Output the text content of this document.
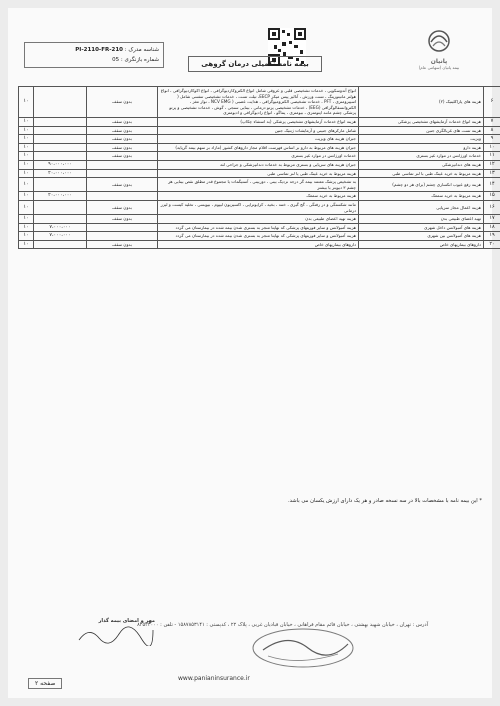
پانیان
بیمه پانیان (سهامی عام)
بیمه نامه تکمیلی درمان گروهی
شناسه مدرک : PI-2110-FR-210
شماره بازنگری : 05
۶	هزینه های پاراکلینیک (۲)	انواع آندوسکوپی ، خدمات تشخیصی قلبی و عروقی شامل انواع الکتروکاردیوگرافی ، انواع اکوکاردیوگرافی ، انواع هولتر مانیتورینگ ، تست ورزش ، آنالیز پیس میکر EECP، تیلت تست ، خدمات تشخیصی تنفسی شامل ( اسپیرومتری ، PFT ، خدمات تشخیصی الکترومیوگرافی ، هدایت عصبی ( NCV EMG ، نوار مغز ، الکتروانسفالوگرافی (EEG) ، خدمات تشخیصی پرتو درمانی ، بینایی سنجی ، گوش ، خدمات تشخیصی و پرتو پزشکی چشم مانند اپتومتری ، بیومتری ، پنتاگو ، انواع رادیوگرافی و ادیومتری	بدون سقف		۱۰
۷	هزینه انواع خدمات آزمایشهای تشخیصی پزشکی	هزینه انواع خدمات آزمایشهای تشخیصی پزشکی (به استثناء چکاپ)	بدون سقف		۱۰
۸	هزینه تست های غربالگری جنین	شامل مارکرهای جنینی و آزمایشات ژنتیک جنین	بدون سقف		۱۰
۹	ویزیت	جبران هزینه های ویزیت	بدون سقف		۱۰
۱۰	هزینه دارو	جبران هزینه های مربوط به دارو بر اساس فهرست اقلام مجاز داروهای کشور (مازاد بر سهم بیمه گرپایه)	بدون سقف		۱۰
۱۱	خدمات اورژانس در موارد غیر بستری	خدمات اورژانس در موارد غیر بستری	بدون سقف		۱۰
۱۲	هزینه های دندانپزشکی	جبران هزینه های سرپایی و بستری مربوط به خدمات دندانپزشکی و جراحی لثه		۹۰،۰۰۰،۰۰۰	۱۰
۱۳	هزینه مربوط به خرید عینک طبی با لنز تماسی طبی	هزینه مربوط به خرید عینک طبی یا لنز تماسی طبی		۲۰،۰۰۰،۰۰۰	۱۰
۱۴	هزینه رفع عیوب انکساری چشم (برای هر دو چشم)	به تشخیص پزشک معتمد بیمه گر درجه نزدیک بینی ، دوربینی ، آستیگمات یا مجموع قدر مطلق نقص بینایی هر چشم ۳ دیوپتر یا بیشتر	بدون سقف		۱۰
۱۵	هزینه مربوط به خرید سمعک	هزینه مربوط به خرید سمعک		۲۰،۰۰۰،۰۰۰	۱۰
۱۶	هزینه اعمال مجاز سرپایی	مانند شکستگی و در رفتگی ، گچ گیری ، ختنه ، بخیه ، کرایوتراپی ، اکسیزیون لیپوم ، بیوپسی ، تخلیه کیست و لیزر درمانی	بدون سقف		۱۰
۱۷	تهیه اعضای طبیعی بدن	هزینه تهیه اعضای طبیعی بدن	بدون سقف		۱۰
۱۸	هزینه های آمبولانس داخل شهری	هزینه آمبولانس و سایر فوریتهای پزشکی که نهایتا منجر به بستری شدن بیمه شده در بیمارستان می گردد		۷،۰۰۰،۰۰۰	۱۰
۱۹	هزینه های آمبولانس بین شهری	هزینه آمبولانس و سایر فوریتهای پزشکی که نهایتا منجر به بستری شدن بیمه شده در بیمارستان می گردد		۷،۰۰۰،۰۰۰	۱۰
۲۰	داروهای بیماریهای خاص	داروهای بیماریهای خاص	بدون سقف		۱۰
* این بیمه نامه با مشخصات بالا در سه نسخه صادر و هر یک دارای ارزش یکسان می باشد.
مهر و امضای بیمه گذار
آدرس : تهران ، خیابان شهید بهشتی ، خیابان قائم مقام فراهانی ، خیابان قبادیان غربی ، پلاک ۲۲ ، کدپستی : ۱۵۸۷۸۵۳۱۴۱ - تلفن : ۸۲۵۲۳۰۰۰
www.panianinsurance.ir
صفحه ۲
